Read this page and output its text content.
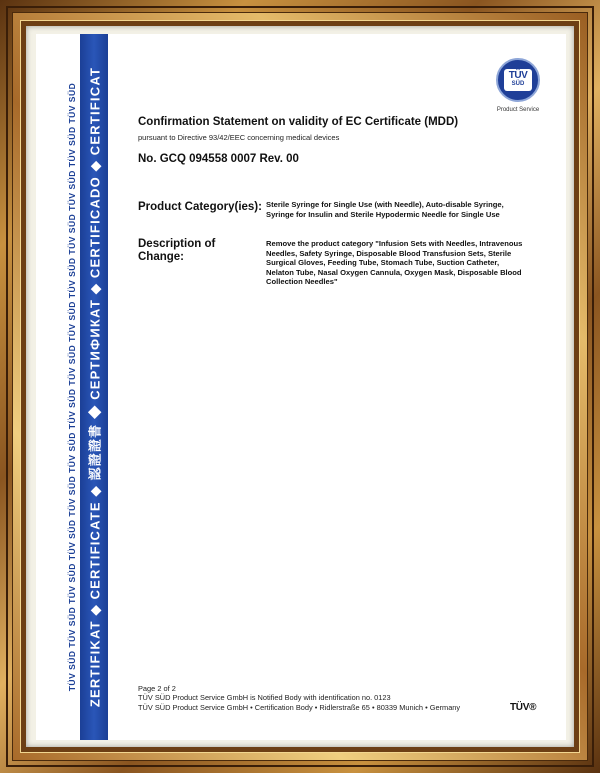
TÜV SÜD TÜV SÜD TÜV SÜD TÜV SÜD TÜV SÜD TÜV SÜD TÜV SÜD TÜV SÜD TÜV SÜD TÜV SÜD TÜV SÜD TÜV SÜD TÜV SÜD TÜV SÜD ZERTIFIKAT ◆ CERTIFICATE ◆ 認證證書 ◆ СЕРТИФИКАТ ◆ CERTIFICADO ◆ CERTIFICAT	TÜV
SÜD
Product Service
Confirmation Statement on validity of EC Certificate (MDD)
pursuant to Directive 93/42/EEC concerning medical devices
No. GCQ 094558 0007 Rev. 00
Product Category(ies): Sterile Syringe for Single Use (with Needle), Auto-disable Syringe, Syringe for Insulin and Sterile Hypodermic Needle for Single Use
Description of Change:
Remove the product category "Infusion Sets with Needles, Intravenous Needles, Safety Syringe, Disposable Blood Transfusion Sets, Sterile Surgical Gloves, Feeding Tube, Stomach Tube, Suction Catheter, Nelaton Tube, Nasal Oxygen Cannula, Oxygen Mask, Disposable Blood Collection Needles"
Page 2 of 2
TÜV SÜD Product Service GmbH is Notified Body with identification no. 0123
TÜV SÜD Product Service GmbH • Certification Body • Ridlerstraße 65 • 80339 Munich • Germany	TÜV®
